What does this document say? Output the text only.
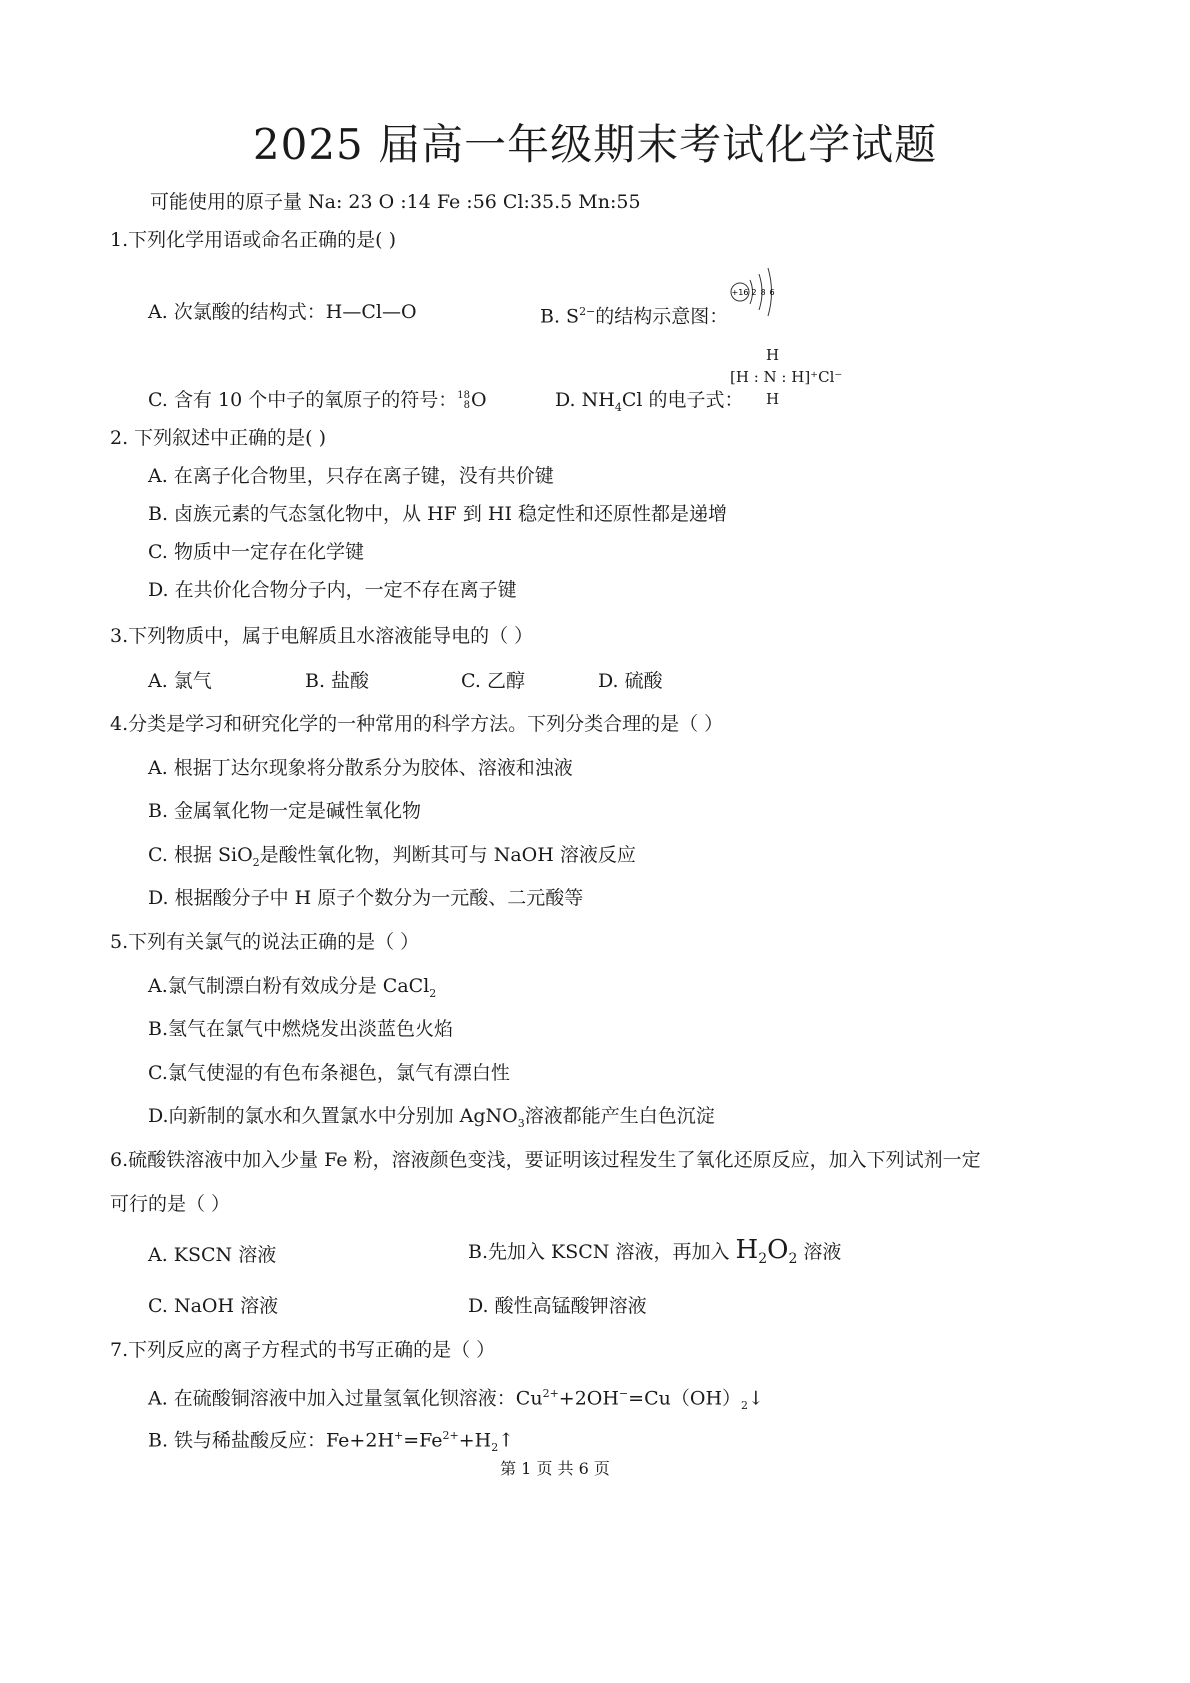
2025 届高一年级期末考试化学试题
可能使用的原子量 Na: 23 O :14 Fe :56 Cl:35.5 Mn:55
1.下列化学用语或命名正确的是( )
A. 次氯酸的结构式：H—Cl—O	B. $S^{2-}$的结构示意图：
+16 2 8 6
C. 含有 10 个中子的氧原子的符号： 18
8 O	D. $NH_4Cl$ 的电子式：
H
[H : N : H]⁺Cl⁻
H
2. 下列叙述中正确的是( )
A. 在离子化合物里，只存在离子键，没有共价键
B. 卤族元素的气态氢化物中，从 HF 到 HI 稳定性和还原性都是递增
C. 物质中一定存在化学键
D. 在共价化合物分子内，一定不存在离子键
3.下列物质中，属于电解质且水溶液能导电的（ ）
A. 氯气	B. 盐酸	C. 乙醇	D. 硫酸
4.分类是学习和研究化学的一种常用的科学方法。下列分类合理的是（ ）
A. 根据丁达尔现象将分散系分为胶体、溶液和浊液
B. 金属氧化物一定是碱性氧化物
C. 根据 SiO$_2$是酸性氧化物，判断其可与 NaOH 溶液反应
D. 根据酸分子中 H 原子个数分为一元酸、二元酸等
5.下列有关氯气的说法正确的是（ ）
A.氯气制漂白粉有效成分是 CaCl$_2$
B.氢气在氯气中燃烧发出淡蓝色火焰
C.氯气使湿的有色布条褪色，氯气有漂白性
D.向新制的氯水和久置氯水中分别加 AgNO$_3$溶液都能产生白色沉淀
6.硫酸铁溶液中加入少量 Fe 粉，溶液颜色变浅，要证明该过程发生了氧化还原反应，加入下列试剂一定
可行的是（ ）
A. KSCN 溶液	B.先加入 KSCN 溶液，再加入 $H_2O_2$ 溶液
C. NaOH 溶液	D. 酸性高锰酸钾溶液
7.下列反应的离子方程式的书写正确的是（ ）
A. 在硫酸铜溶液中加入过量氢氧化钡溶液：$Cu^{2+}+2OH^-=Cu(OH)_2↓$
B. 铁与稀盐酸反应：$Fe+2H^+=Fe^{2+}+H_2↑$
第 1 页 共 6 页
